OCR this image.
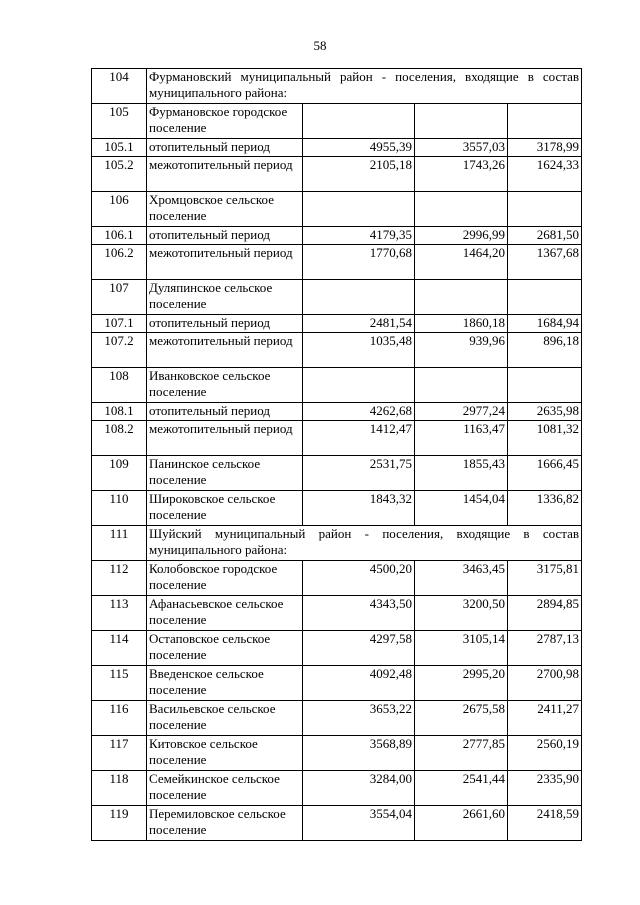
58
104	Фурмановский муниципальный район - поселения, входящие в состав муниципального района:			
105	Фурмановское городское поселение			
105.1	отопительный период	4955,39	3557,03	3178,99
105.2	межотопительный период	2105,18	1743,26	1624,33
106	Хромцовское сельское поселение			
106.1	отопительный период	4179,35	2996,99	2681,50
106.2	межотопительный период	1770,68	1464,20	1367,68
107	Дуляпинское сельское поселение			
107.1	отопительный период	2481,54	1860,18	1684,94
107.2	межотопительный период	1035,48	939,96	896,18
108	Иванковское сельское поселение			
108.1	отопительный период	4262,68	2977,24	2635,98
108.2	межотопительный период	1412,47	1163,47	1081,32
109	Панинское сельское поселение	2531,75	1855,43	1666,45
110	Широковское сельское поселение	1843,32	1454,04	1336,82
111	Шуйский муниципальный район - поселения, входящие в состав муниципального района:			
112	Колобовское городское поселение	4500,20	3463,45	3175,81
113	Афанасьевское сельское поселение	4343,50	3200,50	2894,85
114	Остаповское сельское поселение	4297,58	3105,14	2787,13
115	Введенское сельское поселение	4092,48	2995,20	2700,98
116	Васильевское сельское поселение	3653,22	2675,58	2411,27
117	Китовское сельское поселение	3568,89	2777,85	2560,19
118	Семейкинское сельское поселение	3284,00	2541,44	2335,90
119	Перемиловское сельское поселение	3554,04	2661,60	2418,59
